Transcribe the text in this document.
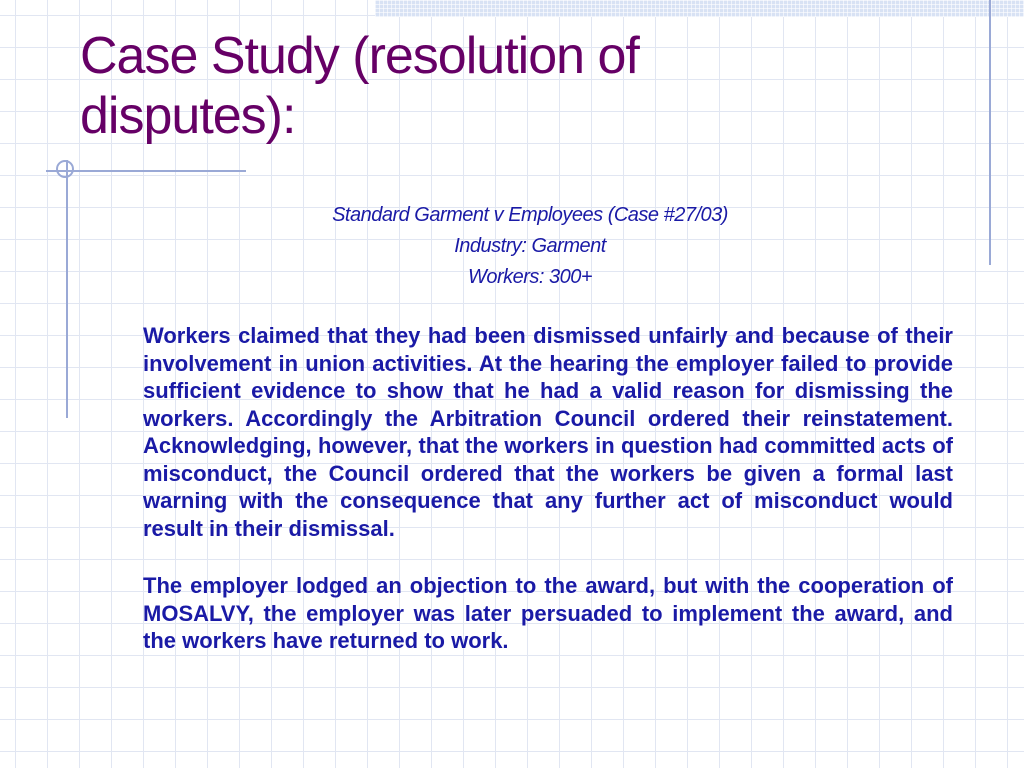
Case Study (resolution of disputes):
Standard Garment v Employees (Case #27/03)
Industry: Garment
Workers: 300+

Workers claimed that they had been dismissed unfairly and because of their involvement in union activities. At the hearing the employer failed to provide sufficient evidence to show that he had a valid reason for dismissing the workers. Accordingly the Arbitration Council ordered their reinstatement. Acknowledging, however, that the workers in question had committed acts of misconduct, the Council ordered that the workers be given a formal last warning with the consequence that any further act of misconduct would result in their dismissal.

The employer lodged an objection to the award, but with the cooperation of MOSALVY, the employer was later persuaded to implement the award, and the workers have returned to work.
